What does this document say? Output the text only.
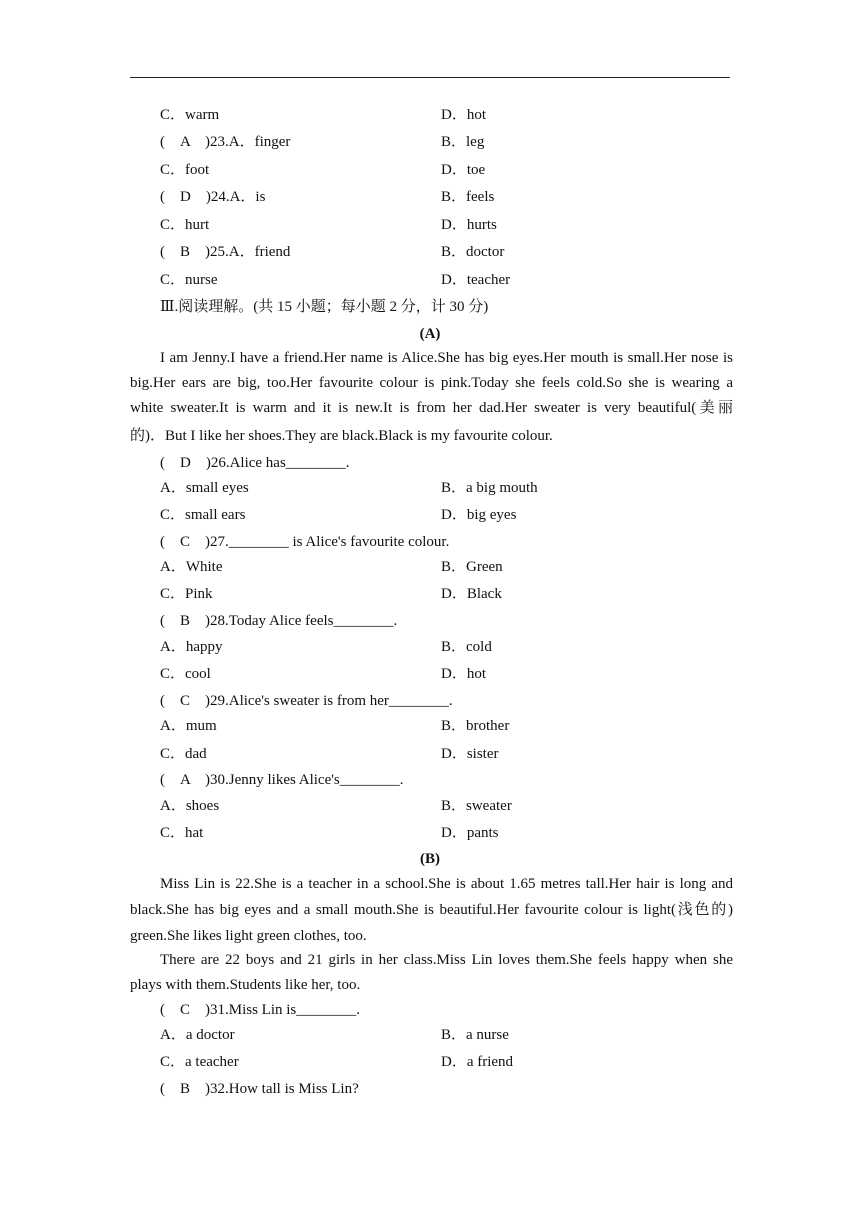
C．warm	D．hot
(　A　)23.A．finger	B．leg
C．foot	D．toe
(　D　)24.A．is	B．feels
C．hurt	D．hurts
(　B　)25.A．friend	B．doctor
C．nurse	D．teacher
Ⅲ.阅读理解。(共 15 小题；每小题 2 分，计 30 分)
(A)
I am Jenny.I have a friend.Her name is Alice.She has big eyes.Her mouth is small.Her nose is
big.Her ears are big, too.Her favourite colour is pink.Today she feels cold.So she is wearing a
white sweater.It is warm and it is new.It is from her dad.Her sweater is very beautiful(美丽
的)．But I like her shoes.They are black.Black is my favourite colour.
(　D　)26.Alice has________.
A．small eyes	B．a big mouth
C．small ears	D．big eyes
(　C　)27.________ is Alice's favourite colour.
A．White	B．Green
C．Pink	D．Black
(　B　)28.Today Alice feels________.
A．happy	B．cold
C．cool	D．hot
(　C　)29.Alice's sweater is from her________.
A．mum	B．brother
C．dad	D．sister
(　A　)30.Jenny likes Alice's________.
A．shoes	B．sweater
C．hat	D．pants
(B)
Miss Lin is 22.She is a teacher in a school.She is about 1.65 metres tall.Her hair is long and
black.She has big eyes and a small mouth.She is beautiful.Her favourite colour is light(浅色的)
green.She likes light green clothes, too.
There are 22 boys and 21 girls in her class.Miss Lin loves them.She feels happy when she
plays with them.Students like her, too.
(　C　)31.Miss Lin is________.
A．a doctor	B．a nurse
C．a teacher	D．a friend
(　B　)32.How tall is Miss Lin?
